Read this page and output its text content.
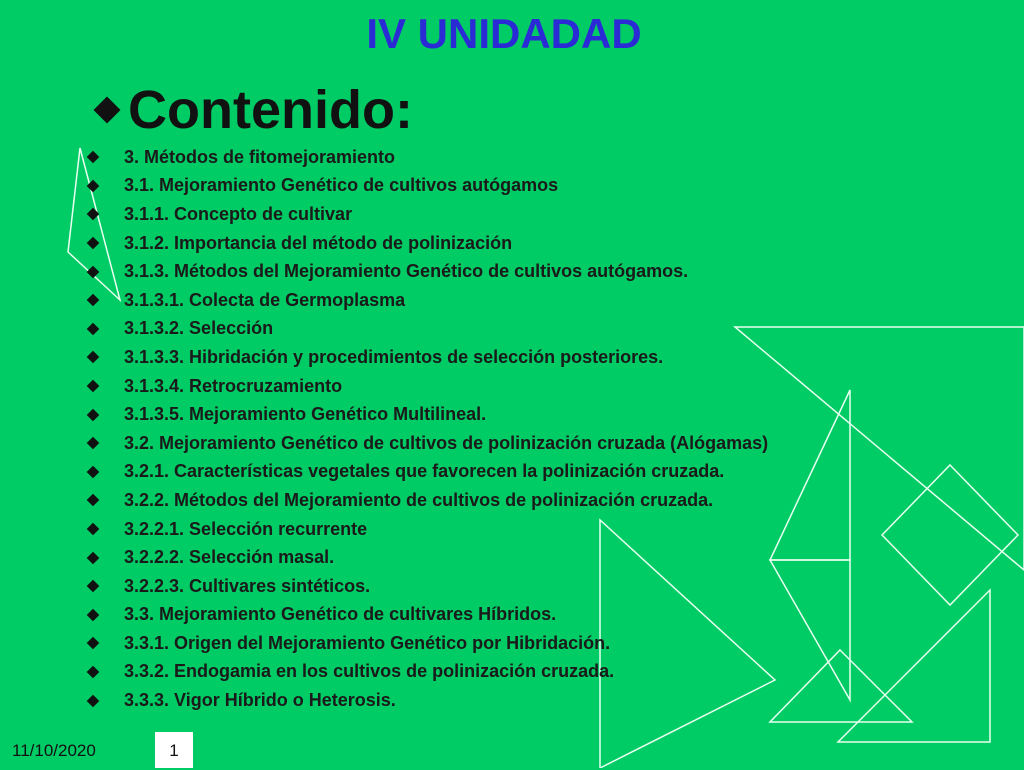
IV UNIDADAD
Contenido:
3. Métodos de fitomejoramiento
3.1. Mejoramiento Genético de cultivos autógamos
3.1.1. Concepto de cultivar
3.1.2. Importancia del método de polinización
3.1.3. Métodos del Mejoramiento Genético de cultivos autógamos.
3.1.3.1. Colecta de Germoplasma
3.1.3.2. Selección
3.1.3.3. Hibridación y procedimientos de selección posteriores.
3.1.3.4. Retrocruzamiento
3.1.3.5. Mejoramiento Genético Multilineal.
3.2. Mejoramiento Genético de cultivos de polinización cruzada (Alógamas)
3.2.1. Características vegetales que favorecen la polinización cruzada.
3.2.2. Métodos del Mejoramiento de cultivos de polinización cruzada.
3.2.2.1. Selección recurrente
3.2.2.2. Selección masal.
3.2.2.3. Cultivares sintéticos.
3.3. Mejoramiento Genético de cultivares Híbridos.
3.3.1. Origen del Mejoramiento Genético por Hibridación.
3.3.2. Endogamia en los cultivos de polinización cruzada.
3.3.3. Vigor Híbrido o Heterosis.
11/10/2020	1
